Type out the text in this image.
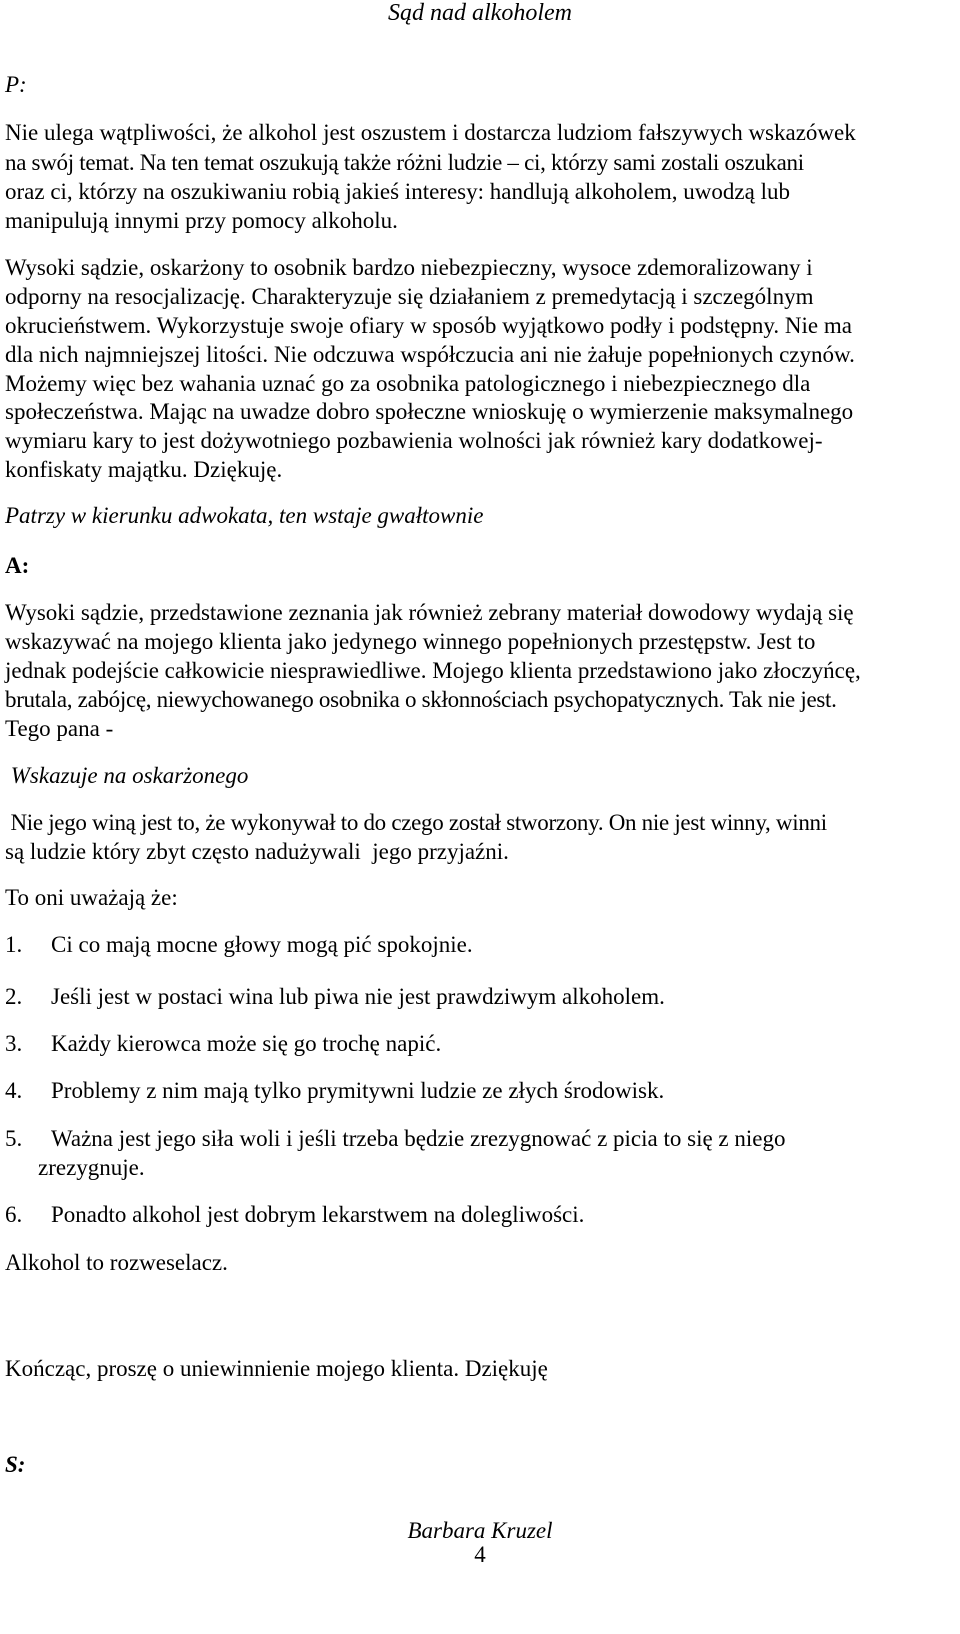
Sąd nad alkoholem
P:
Nie ulega wątpliwości, że alkohol jest oszustem i dostarcza ludziom fałszywych wskazówek
na swój temat. Na ten temat oszukują także różni ludzie – ci, którzy sami zostali oszukani
oraz ci, którzy na oszukiwaniu robią jakieś interesy: handlują alkoholem, uwodzą lub
manipulują innymi przy pomocy alkoholu.
Wysoki sądzie, oskarżony to osobnik bardzo niebezpieczny, wysoce zdemoralizowany i
odporny na resocjalizację. Charakteryzuje się działaniem z premedytacją i szczególnym
okrucieństwem. Wykorzystuje swoje ofiary w sposób wyjątkowo podły i podstępny. Nie ma
dla nich najmniejszej litości. Nie odczuwa współczucia ani nie żałuje popełnionych czynów.
Możemy więc bez wahania uznać go za osobnika patologicznego i niebezpiecznego dla
społeczeństwa. Mając na uwadze dobro społeczne wnioskuję o wymierzenie maksymalnego
wymiaru kary to jest dożywotniego pozbawienia wolności jak również kary dodatkowej-
konfiskaty majątku. Dziękuję.
Patrzy w kierunku adwokata, ten wstaje gwałtownie
A:
Wysoki sądzie, przedstawione zeznania jak również zebrany materiał dowodowy wydają się
wskazywać na mojego klienta jako jedynego winnego popełnionych przestępstw. Jest to
jednak podejście całkowicie niesprawiedliwe. Mojego klienta przedstawiono jako złoczyńcę,
brutala, zabójcę, niewychowanego osobnika o skłonnościach psychopatycznych. Tak nie jest.
Tego pana -
Wskazuje na oskarżonego
Nie jego winą jest to, że wykonywał to do czego został stworzony. On nie jest winny, winni
są ludzie który zbyt często nadużywali  jego przyjaźni.
To oni uważają że:
1. Ci co mają mocne głowy mogą pić spokojnie.
2. Jeśli jest w postaci wina lub piwa nie jest prawdziwym alkoholem.
3. Każdy kierowca może się go trochę napić.
4. Problemy z nim mają tylko prymitywni ludzie ze złych środowisk.
5. Ważna jest jego siła woli i jeśli trzeba będzie zrezygnować z picia to się z niego
zrezygnuje.
6. Ponadto alkohol jest dobrym lekarstwem na dolegliwości.
Alkohol to rozweselacz.
Kończąc, proszę o uniewinnienie mojego klienta. Dziękuję
S:
Barbara Kruzel
4
